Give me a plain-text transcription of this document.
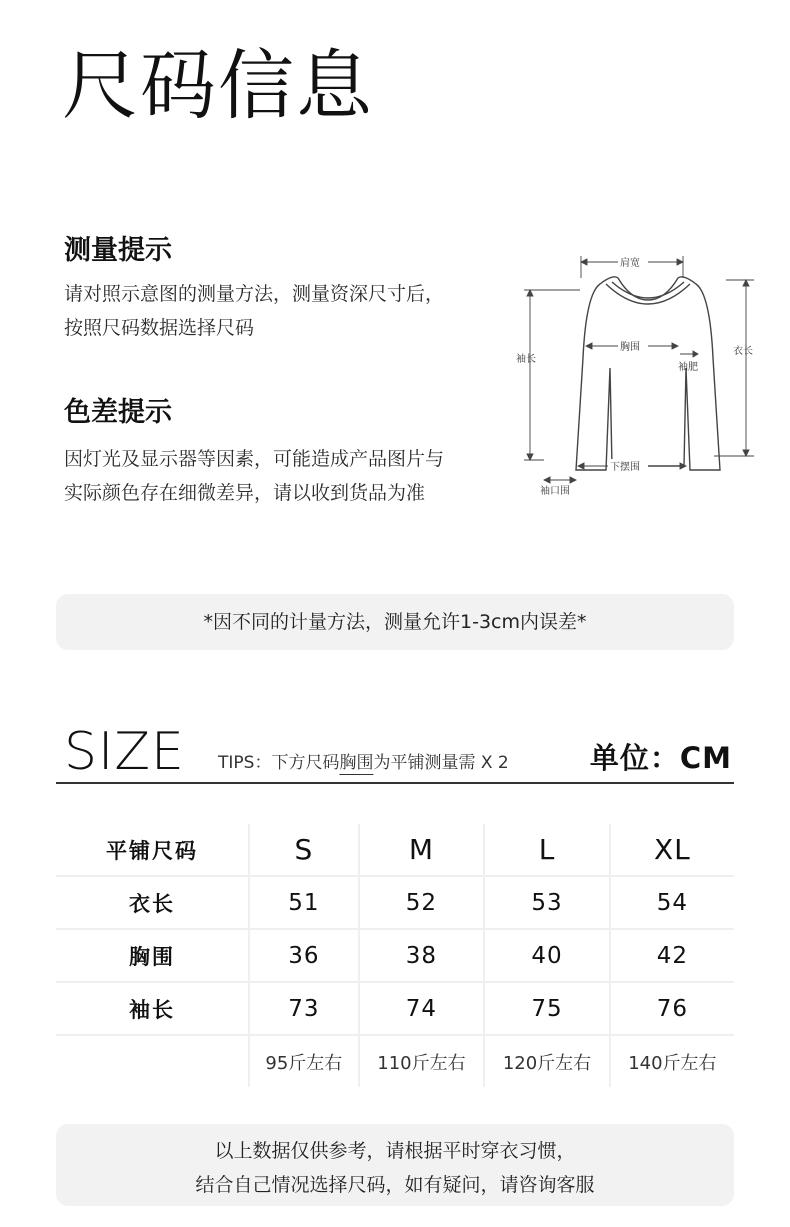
尺码信息
测量提示
请对照示意图的测量方法，测量资深尺寸后，
按照尺码数据选择尺码
色差提示
因灯光及显示器等因素，可能造成产品图片与
实际颜色存在细微差异，请以收到货品为准
肩宽
胸围
袖长
袖肥
衣长
下摆围
袖口围
*因不同的计量方法，测量允许1-3cm内误差*
SIZE TIPS：下方尺码胸围为平铺测量需 X 2	单位：CM
平铺尺码	S	M	L	XL
衣长	51	52	53	54
胸围	36	38	40	42
袖长	73	74	75	76
	95斤左右	110斤左右	120斤左右	140斤左右
以上数据仅供参考，请根据平时穿衣习惯，
结合自己情况选择尺码，如有疑问，请咨询客服
